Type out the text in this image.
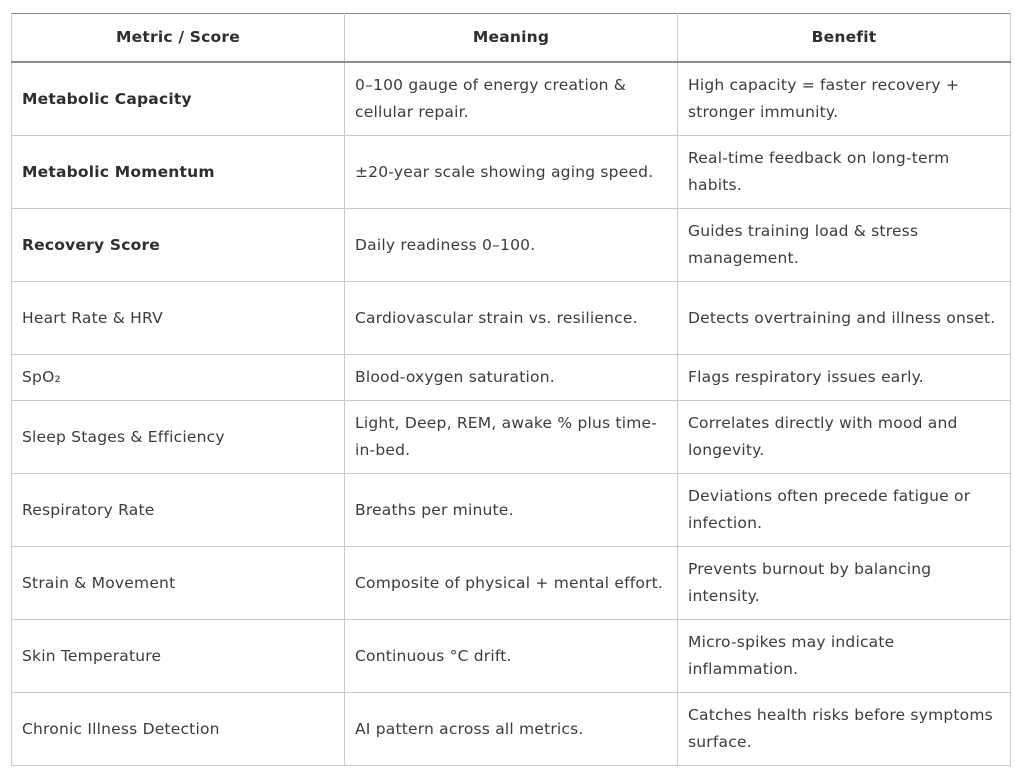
Metric / Score	Meaning	Benefit
Metabolic Capacity	0–100 gauge of energy creation & cellular repair.	High capacity = faster recovery + stronger immunity.
Metabolic Momentum	±20-year scale showing aging speed.	Real-time feedback on long-term habits.
Recovery Score	Daily readiness 0–100.	Guides training load & stress management.
Heart Rate & HRV	Cardiovascular strain vs. resilience.	Detects overtraining and illness onset.
SpO₂	Blood-oxygen saturation.	Flags respiratory issues early.
Sleep Stages & Efficiency	Light, Deep, REM, awake % plus time-in-bed.	Correlates directly with mood and longevity.
Respiratory Rate	Breaths per minute.	Deviations often precede fatigue or infection.
Strain & Movement	Composite of physical + mental effort.	Prevents burnout by balancing intensity.
Skin Temperature	Continuous °C drift.	Micro-spikes may indicate inflammation.
Chronic Illness Detection	AI pattern across all metrics.	Catches health risks before symptoms surface.
